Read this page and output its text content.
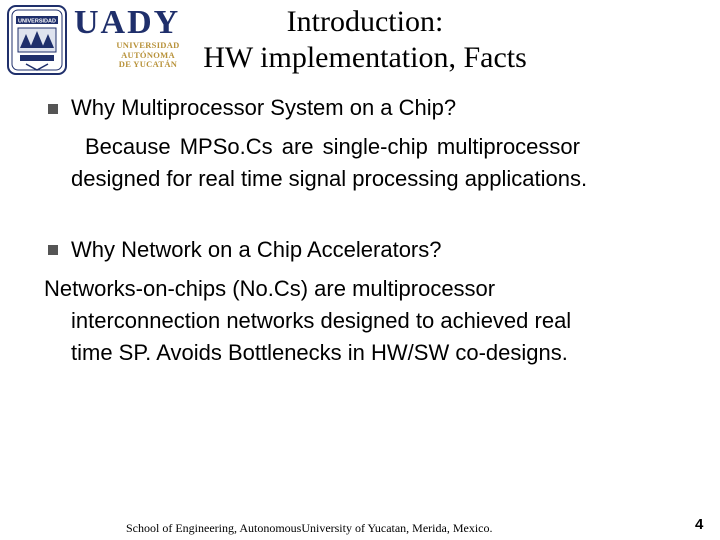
UNIVERSIDAD UADY
UNIVERSIDAD
AUTÓNOMA
DE YUCATÁN
Introduction:
HW implementation, Facts
Why Multiprocessor System on a Chip?
Because MPSo.Cs are single-chip multiprocessor
designed for real time signal processing applications.
Why Network on a Chip Accelerators?
Networks-on-chips (No.Cs) are multiprocessor
interconnection networks designed to achieved real
time SP. Avoids Bottlenecks in HW/SW co-designs.
School of Engineering, AutonomousUniversity of Yucatan, Merida, Mexico.	4
